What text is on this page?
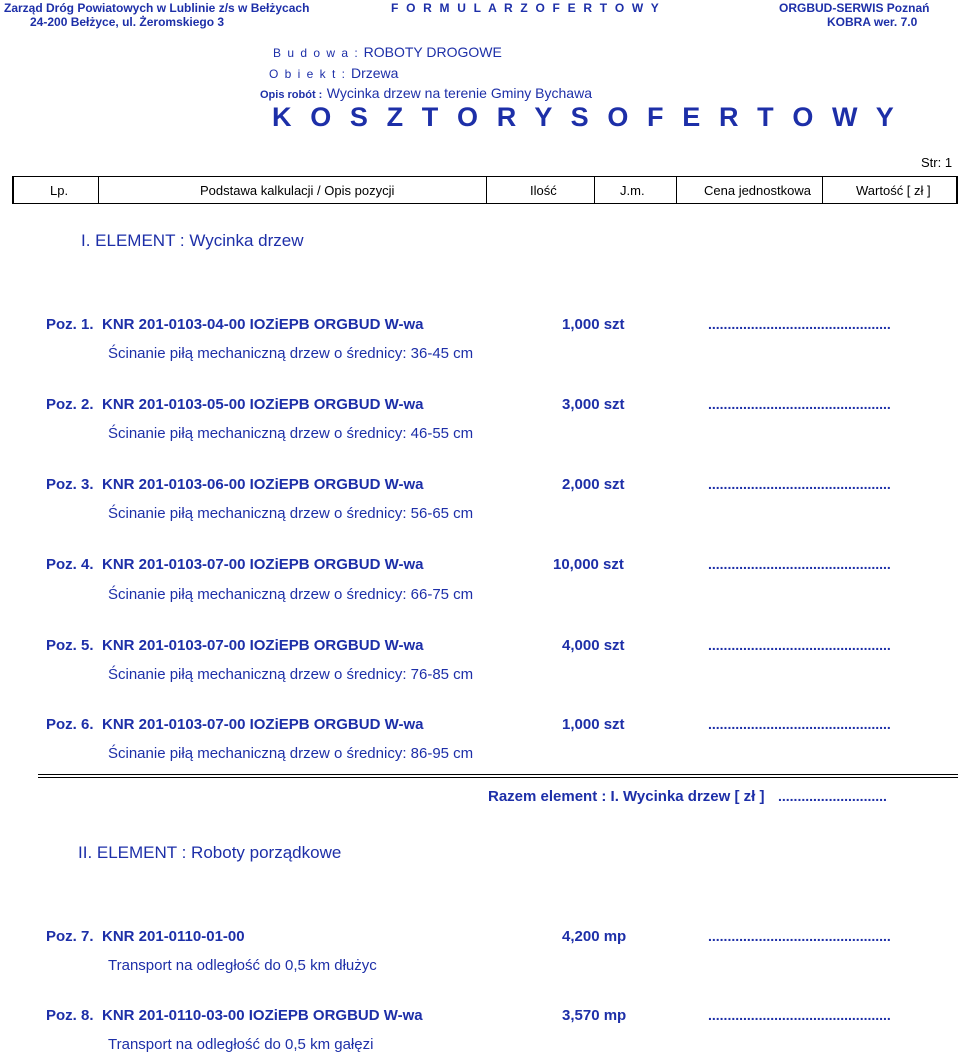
Zarząd Dróg Powiatowych w Lublinie z/s w Bełżycach
24-200 Bełżyce, ul. Żeromskiego 3
F O R M U L A R Z O F E R T O W Y	ORGBUD-SERWIS Poznań
KOBRA wer. 7.0
B u d o w a : ROBOTY DROGOWE
O b i e k t : Drzewa
Opis robót : Wycinka drzew na terenie Gminy Bychawa
K O S Z T O R Y S O F E R T O W Y
Str: 1
Lp.	Podstawa kalkulacji / Opis pozycji	Ilość	J.m.	Cena jednostkowa	Wartość [ zł ]
I. ELEMENT : Wycinka drzew
Poz. 1. KNR 201-0103-04-00 IOZiEPB ORGBUD W-wa	1,000 szt	...............................................
Ścinanie piłą mechaniczną drzew o średnicy: 36-45 cm
Poz. 2. KNR 201-0103-05-00 IOZiEPB ORGBUD W-wa	3,000 szt	...............................................
Ścinanie piłą mechaniczną drzew o średnicy: 46-55 cm
Poz. 3. KNR 201-0103-06-00 IOZiEPB ORGBUD W-wa	2,000 szt	...............................................
Ścinanie piłą mechaniczną drzew o średnicy: 56-65 cm
Poz. 4. KNR 201-0103-07-00 IOZiEPB ORGBUD W-wa	10,000 szt	...............................................
Ścinanie piłą mechaniczną drzew o średnicy: 66-75 cm
Poz. 5. KNR 201-0103-07-00 IOZiEPB ORGBUD W-wa	4,000 szt	...............................................
Ścinanie piłą mechaniczną drzew o średnicy: 76-85 cm
Poz. 6. KNR 201-0103-07-00 IOZiEPB ORGBUD W-wa	1,000 szt	...............................................
Ścinanie piłą mechaniczną drzew o średnicy: 86-95 cm
Razem element : I. Wycinka drzew [ zł ] ............................
II. ELEMENT : Roboty porządkowe
Poz. 7. KNR 201-0110-01-00	4,200 mp	...............................................
Transport na odległość do 0,5 km dłużyc
Poz. 8. KNR 201-0110-03-00 IOZiEPB ORGBUD W-wa	3,570 mp	...............................................
Transport na odległość do 0,5 km gałęzi
